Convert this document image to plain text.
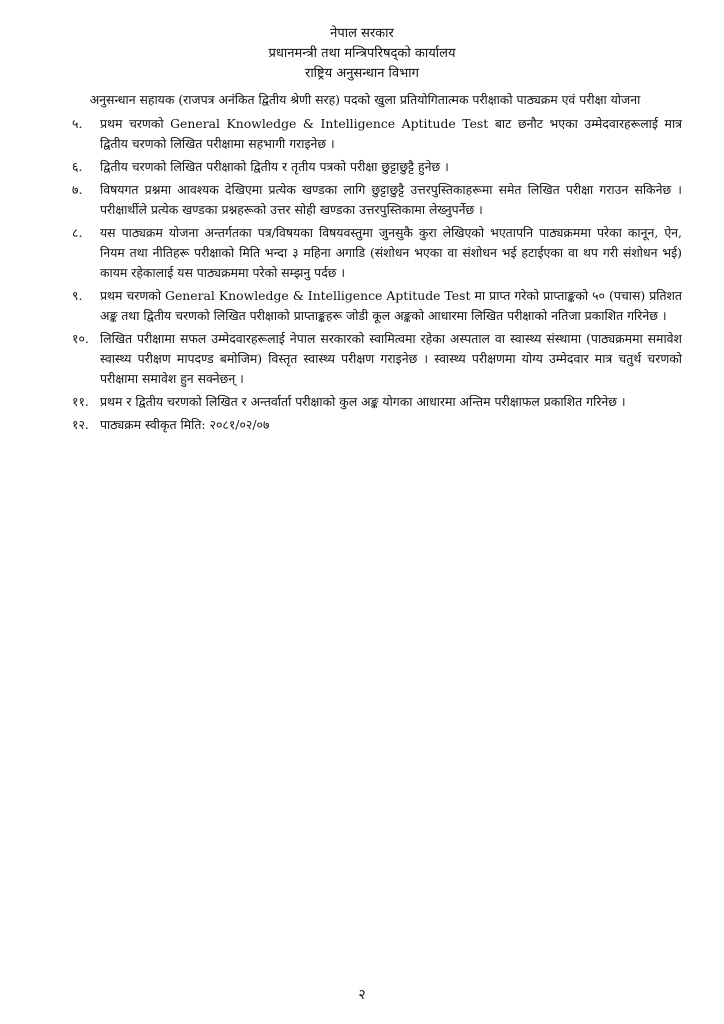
नेपाल सरकार
प्रधानमन्त्री तथा मन्त्रिपरिषद्को कार्यालय
राष्ट्रिय अनुसन्धान विभाग
अनुसन्धान सहायक (राजपत्र अनंकित द्वितीय श्रेणी सरह) पदको खुला प्रतियोगितात्मक परीक्षाको पाठ्यक्रम एवं परीक्षा योजना
५.	प्रथम चरणको General Knowledge & Intelligence Aptitude Test बाट छनौट भएका उम्मेदवारहरूलाई मात्र द्वितीय चरणको लिखित परीक्षामा सहभागी गराइनेछ ।
६.	द्वितीय चरणको लिखित परीक्षाको द्वितीय र तृतीय पत्रको परीक्षा छुट्टाछुट्टै हुनेछ ।
७.	विषयगत प्रश्नमा आवश्यक देखिएमा प्रत्येक खण्डका लागि छुट्टाछुट्टै उत्तरपुस्तिकाहरूमा समेत लिखित परीक्षा गराउन सकिनेछ । परीक्षार्थीले प्रत्येक खण्डका प्रश्नहरूको उत्तर सोही खण्डका उत्तरपुस्तिकामा लेख्नुपर्नेछ ।
८.	यस पाठ्यक्रम योजना अन्तर्गतका पत्र/विषयका विषयवस्तुमा जुनसुकै कुरा लेखिएको भएतापनि पाठ्यक्रममा परेका कानून, ऐन, नियम तथा नीतिहरू परीक्षाको मिति भन्दा ३ महिना अगाडि (संशोधन भएका वा संशोधन भई हटाईएका वा थप गरी संशोधन भई) कायम रहेकालाई यस पाठ्यक्रममा परेको सम्झनु पर्दछ ।
९.	प्रथम चरणको General Knowledge & Intelligence Aptitude Test मा प्राप्त गरेको प्राप्ताङ्कको ५० (पचास) प्रतिशत अङ्क तथा द्वितीय चरणको लिखित परीक्षाको प्राप्ताङ्कहरू जोडी कूल अङ्कको आधारमा लिखित परीक्षाको नतिजा प्रकाशित गरिनेछ ।
१०. लिखित परीक्षामा सफल उम्मेदवारहरूलाई नेपाल सरकारको स्वामित्वमा रहेका अस्पताल वा स्वास्थ्य संस्थामा (पाठ्यक्रममा समावेश स्वास्थ्य परीक्षण मापदण्ड बमोजिम) विस्तृत स्वास्थ्य परीक्षण गराइनेछ । स्वास्थ्य परीक्षणमा योग्य उम्मेदवार मात्र चतुर्थ चरणको परीक्षामा समावेश हुन सक्नेछन् ।
११. प्रथम र द्वितीय चरणको लिखित र अन्तर्वार्ता परीक्षाको कुल अङ्क योगका आधारमा अन्तिम परीक्षाफल प्रकाशित गरिनेछ ।
१२. पाठ्यक्रम स्वीकृत मिति: २०८१/०२/०७
२
